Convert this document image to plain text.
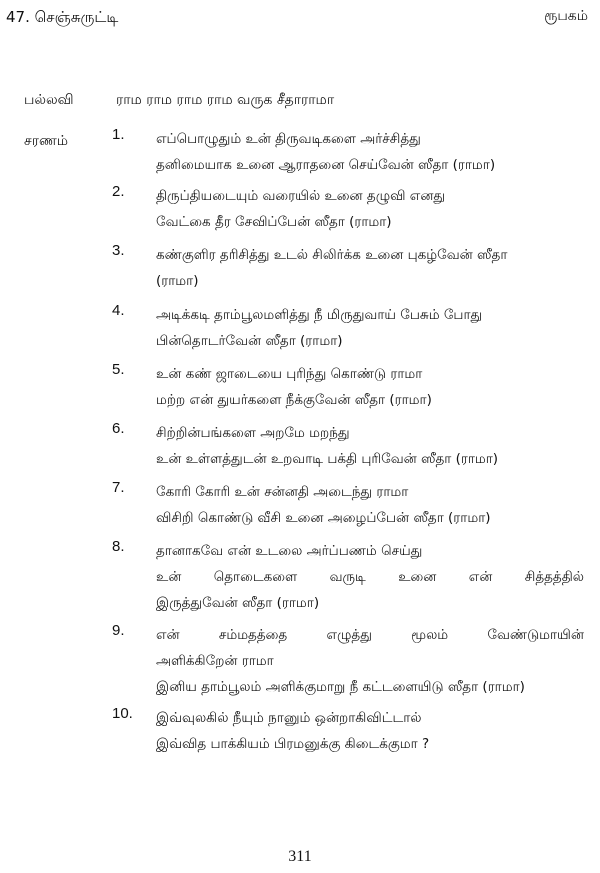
47. செஞ்சுருட்டி	ரூபகம்
பல்லவி	ராம ராம ராம ராம வருக சீதாராமா
சரணம்	1. எப்பொழுதும் உன் திருவடிகளை அர்ச்சித்து
தனிமையாக உனை ஆராதனை செய்வேன் ஸீதா (ராமா)
2. திருப்தியடையும் வரையில் உனை தழுவி எனது
வேட்கை தீர சேவிப்பேன் ஸீதா (ராமா)
3. கண்குளிர தரிசித்து உடல் சிலிர்க்க உனை புகழ்வேன் ஸீதா
(ராமா)
4. அடிக்கடி தாம்பூலமளித்து நீ மிருதுவாய் பேசும் போது
பின்தொடர்வேன் ஸீதா (ராமா)
5. உன் கண் ஜாடையை புரிந்து கொண்டு ராமா
மற்ற என் துயர்களை நீக்குவேன் ஸீதா (ராமா)
6. சிற்றின்பங்களை அறமே மறந்து
உன் உள்ளத்துடன் உறவாடி பக்தி புரிவேன் ஸீதா (ராமா)
7. கோரி கோரி உன் சன்னதி அடைந்து ராமா
விசிறி கொண்டு வீசி உனை அழைப்பேன் ஸீதா (ராமா)
8. தானாகவே என் உடலை அர்ப்பணம் செய்து
உன் தொடைகளை வருடி உனை என் சித்தத்தில்
இருத்துவேன் ஸீதா (ராமா)
9. என் சம்மதத்தை எழுத்து மூலம் வேண்டுமாயின்
அளிக்கிறேன் ராமா
இனிய தாம்பூலம் அளிக்குமாறு நீ கட்டளையிடு ஸீதா (ராமா)
10. இவ்வுலகில் நீயும் நானும் ஒன்றாகிவிட்டால்
இவ்வித பாக்கியம் பிரமனுக்கு கிடைக்குமா ?
311
